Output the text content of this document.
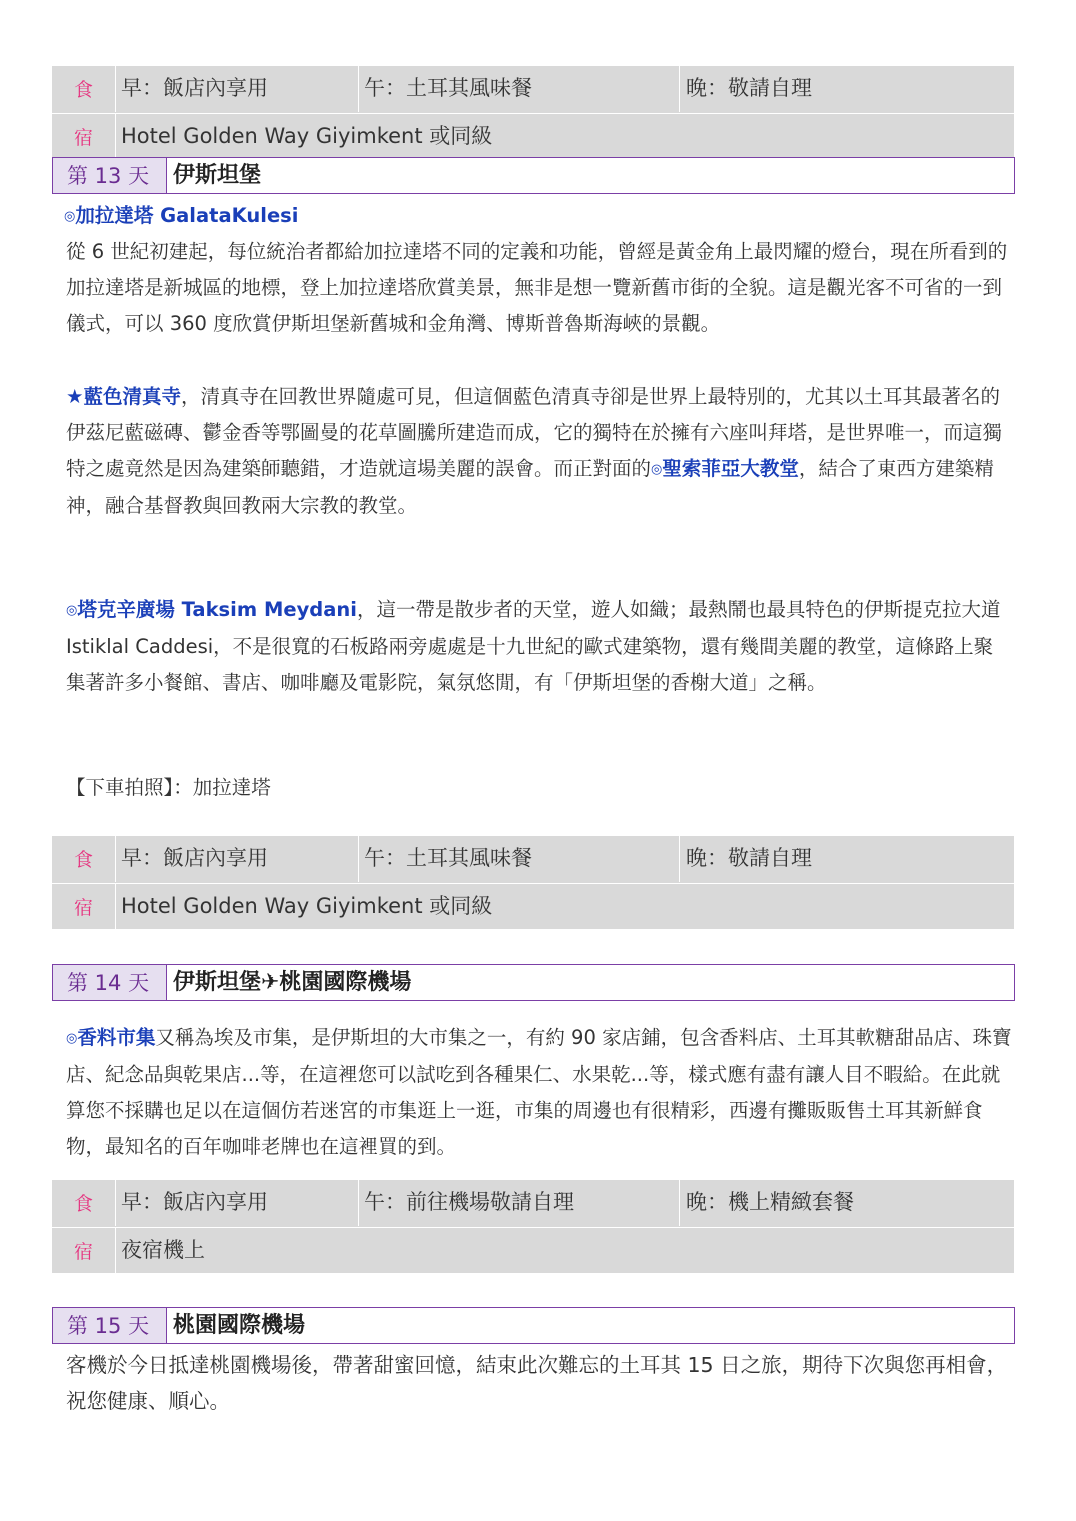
食	早：飯店內享用	午：土耳其風味餐	晚：敬請自理
宿	Hotel Golden Way Giyimkent 或同級
第 13 天	伊斯坦堡
◎加拉達塔 GalataKulesi
從 6 世紀初建起，每位統治者都給加拉達塔不同的定義和功能，曾經是黃金角上最閃耀的燈台，現在所看到的加拉達塔是新城區的地標，登上加拉達塔欣賞美景，無非是想一覽新舊市街的全貌。這是觀光客不可省的一到儀式，可以 360 度欣賞伊斯坦堡新舊城和金角灣、博斯普魯斯海峽的景觀。
★藍色清真寺，清真寺在回教世界隨處可見，但這個藍色清真寺卻是世界上最特別的，尤其以土耳其最著名的伊茲尼藍磁磚、鬱金香等鄂圖曼的花草圖騰所建造而成，它的獨特在於擁有六座叫拜塔，是世界唯一，而這獨特之處竟然是因為建築師聽錯，才造就這場美麗的誤會。而正對面的◎聖索菲亞大教堂，結合了東西方建築精神，融合基督教與回教兩大宗教的教堂。
◎塔克辛廣場 Taksim Meydani，這一帶是散步者的天堂，遊人如織；最熱鬧也最具特色的伊斯提克拉大道 Istiklal Caddesi，不是很寬的石板路兩旁處處是十九世紀的歐式建築物，還有幾間美麗的教堂，這條路上聚集著許多小餐館、書店、咖啡廳及電影院，氣氛悠閒，有「伊斯坦堡的香榭大道」之稱。
【下車拍照】：加拉達塔
食	早：飯店內享用	午：土耳其風味餐	晚：敬請自理
宿	Hotel Golden Way Giyimkent 或同級
第 14 天	伊斯坦堡✈桃園國際機場
◎香料市集又稱為埃及市集，是伊斯坦的大市集之一，有約 90 家店鋪，包含香料店、土耳其軟糖甜品店、珠寶店、紀念品與乾果店...等，在這裡您可以試吃到各種果仁、水果乾...等，樣式應有盡有讓人目不暇給。在此就算您不採購也足以在這個仿若迷宮的市集逛上一逛，市集的周邊也有很精彩，西邊有攤販販售土耳其新鮮食物，最知名的百年咖啡老牌也在這裡買的到。
食	早：飯店內享用	午：前往機場敬請自理	晚：機上精緻套餐
宿	夜宿機上
第 15 天	桃園國際機場
客機於今日抵達桃園機場後，帶著甜蜜回憶，結束此次難忘的土耳其 15 日之旅，期待下次與您再相會，祝您健康、順心。
